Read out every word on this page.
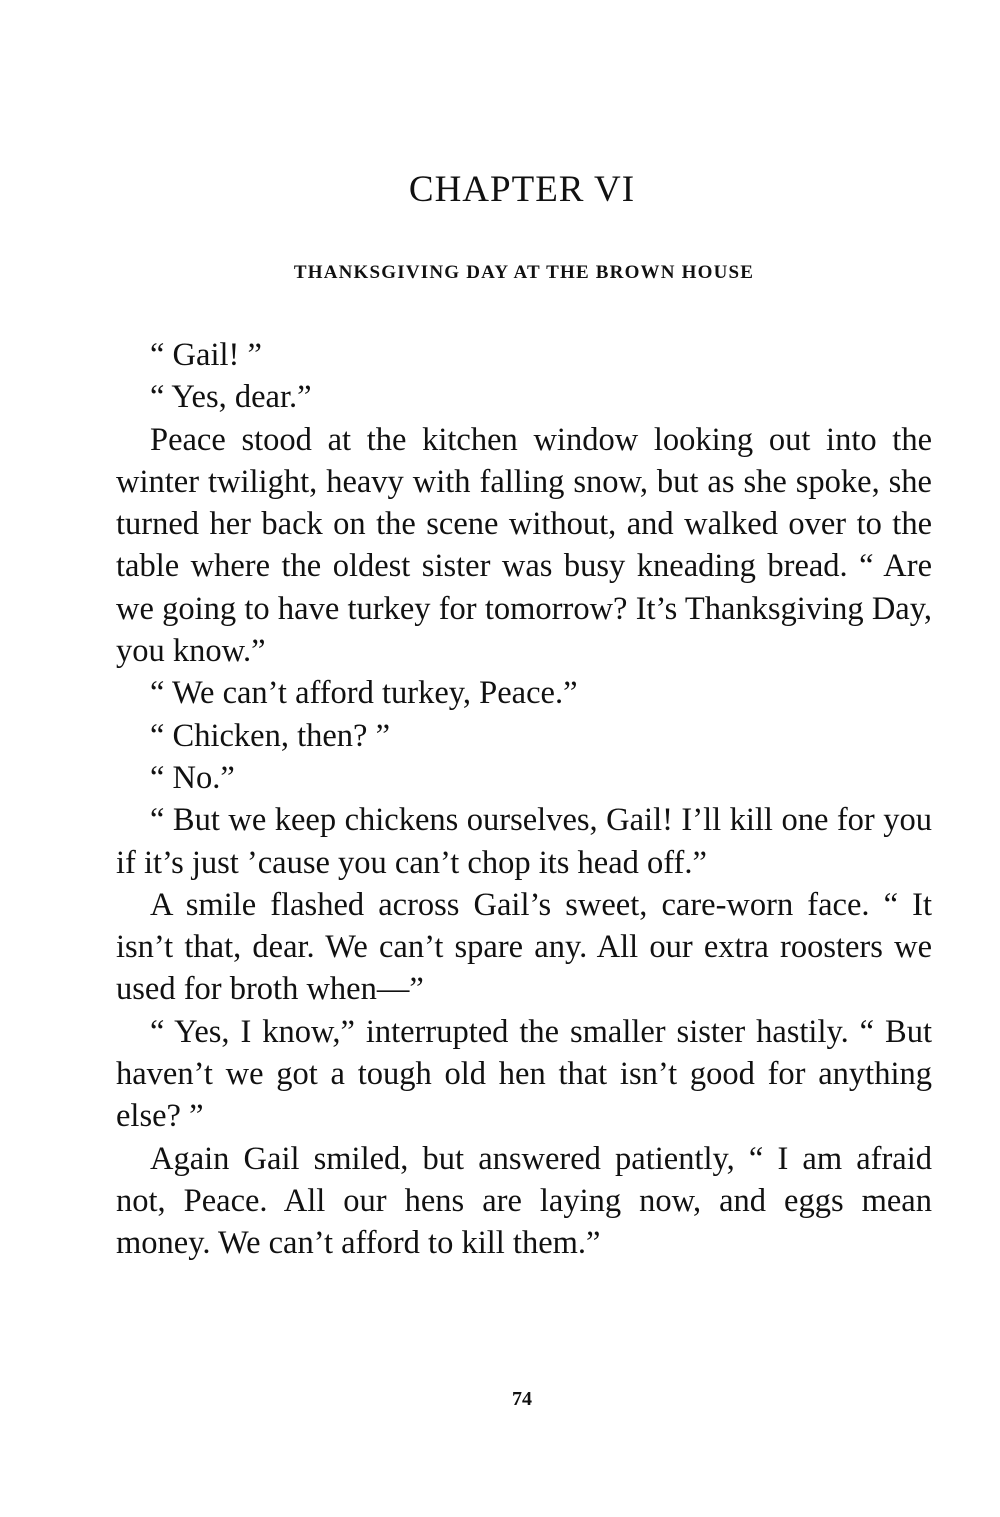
CHAPTER VI
THANKSGIVING DAY AT THE BROWN HOUSE

“ Gail! ”

“ Yes, dear.”

Peace stood at the kitchen window looking out into the winter twilight, heavy with falling snow, but as she spoke, she turned her back on the scene without, and walked over to the table where the oldest sister was busy kneading bread. “ Are we going to have turkey for tomorrow? It’s Thanksgiving Day, you know.”

“ We can’t afford turkey, Peace.”

“ Chicken, then? ”

“ No.”

“ But we keep chickens ourselves, Gail! I’ll kill one for you if it’s just ’cause you can’t chop its head off.”

A smile flashed across Gail’s sweet, care-worn face. “ It isn’t that, dear. We can’t spare any. All our extra roosters we used for broth when—”

“ Yes, I know,” interrupted the smaller sister hastily. “ But haven’t we got a tough old hen that isn’t good for anything else? ”

Again Gail smiled, but answered patiently, “ I am afraid not, Peace. All our hens are laying now, and eggs mean money. We can’t afford to kill them.”

74
